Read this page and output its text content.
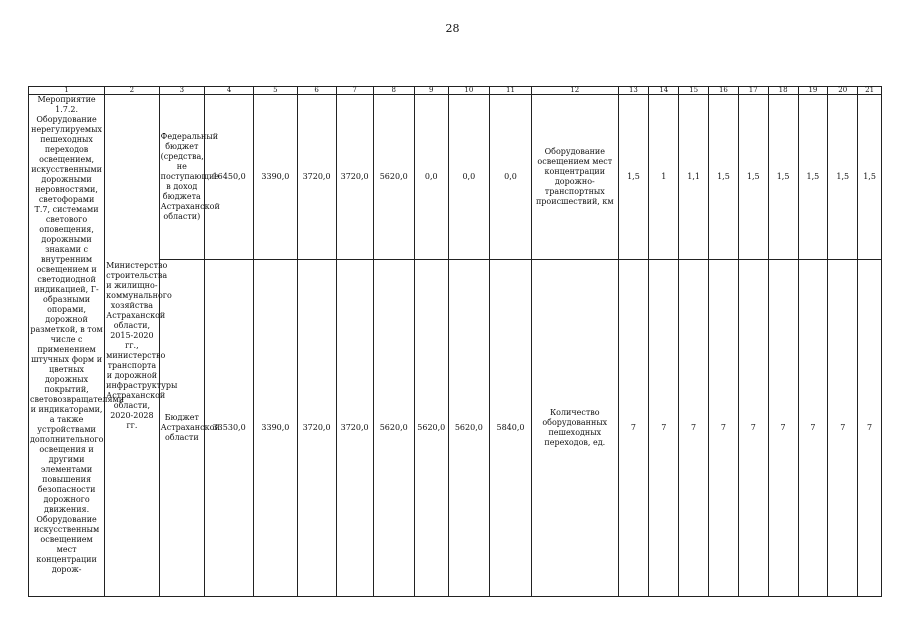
28
1	2	3	4	5	6	7	8	9	10	11	12	13	14	15	16	17	18	19	20	21
Мероприятие 1.7.2. Оборудование нерегулируемых пешеходных переходов освещением, искусственными дорожными неровностями, светофорами Т.7, системами светового оповещения, дорожными знаками с внутренним освещением и светодиодной индикацией, Г-образными опорами, дорожной разметкой, в том числе с применением штучных форм и цветных дорожных покрытий, световозвращателями и индикаторами, а также устройствами дополнительного освещения и другими элементами повышения безопасности дорожного движения. Оборудование искусственным освещением мест концентрации дорож-	Министерство строительства и жилищно-коммунального хозяйства Астраханской области, 2015-2020 гг., министерство транспорта и дорожной инфраструктуры Астраханской области, 2020-2028 гг.	Федеральный бюджет (средства, не поступающие в доход бюджета Астраханской области)	16450,0	3390,0	3720,0	3720,0	5620,0	0,0	0,0	0,0	Оборудование освещением мест концентрации дорожно-транспортных происшествий, км	1,5	1	1,1	1,5	1,5	1,5	1,5	1,5	1,5
		Бюджет Астраханской области	33530,0	3390,0	3720,0	3720,0	5620,0	5620,0	5620,0	5840,0	Количество оборудованных пешеходных переходов, ед.	7	7	7	7	7	7	7	7	7
